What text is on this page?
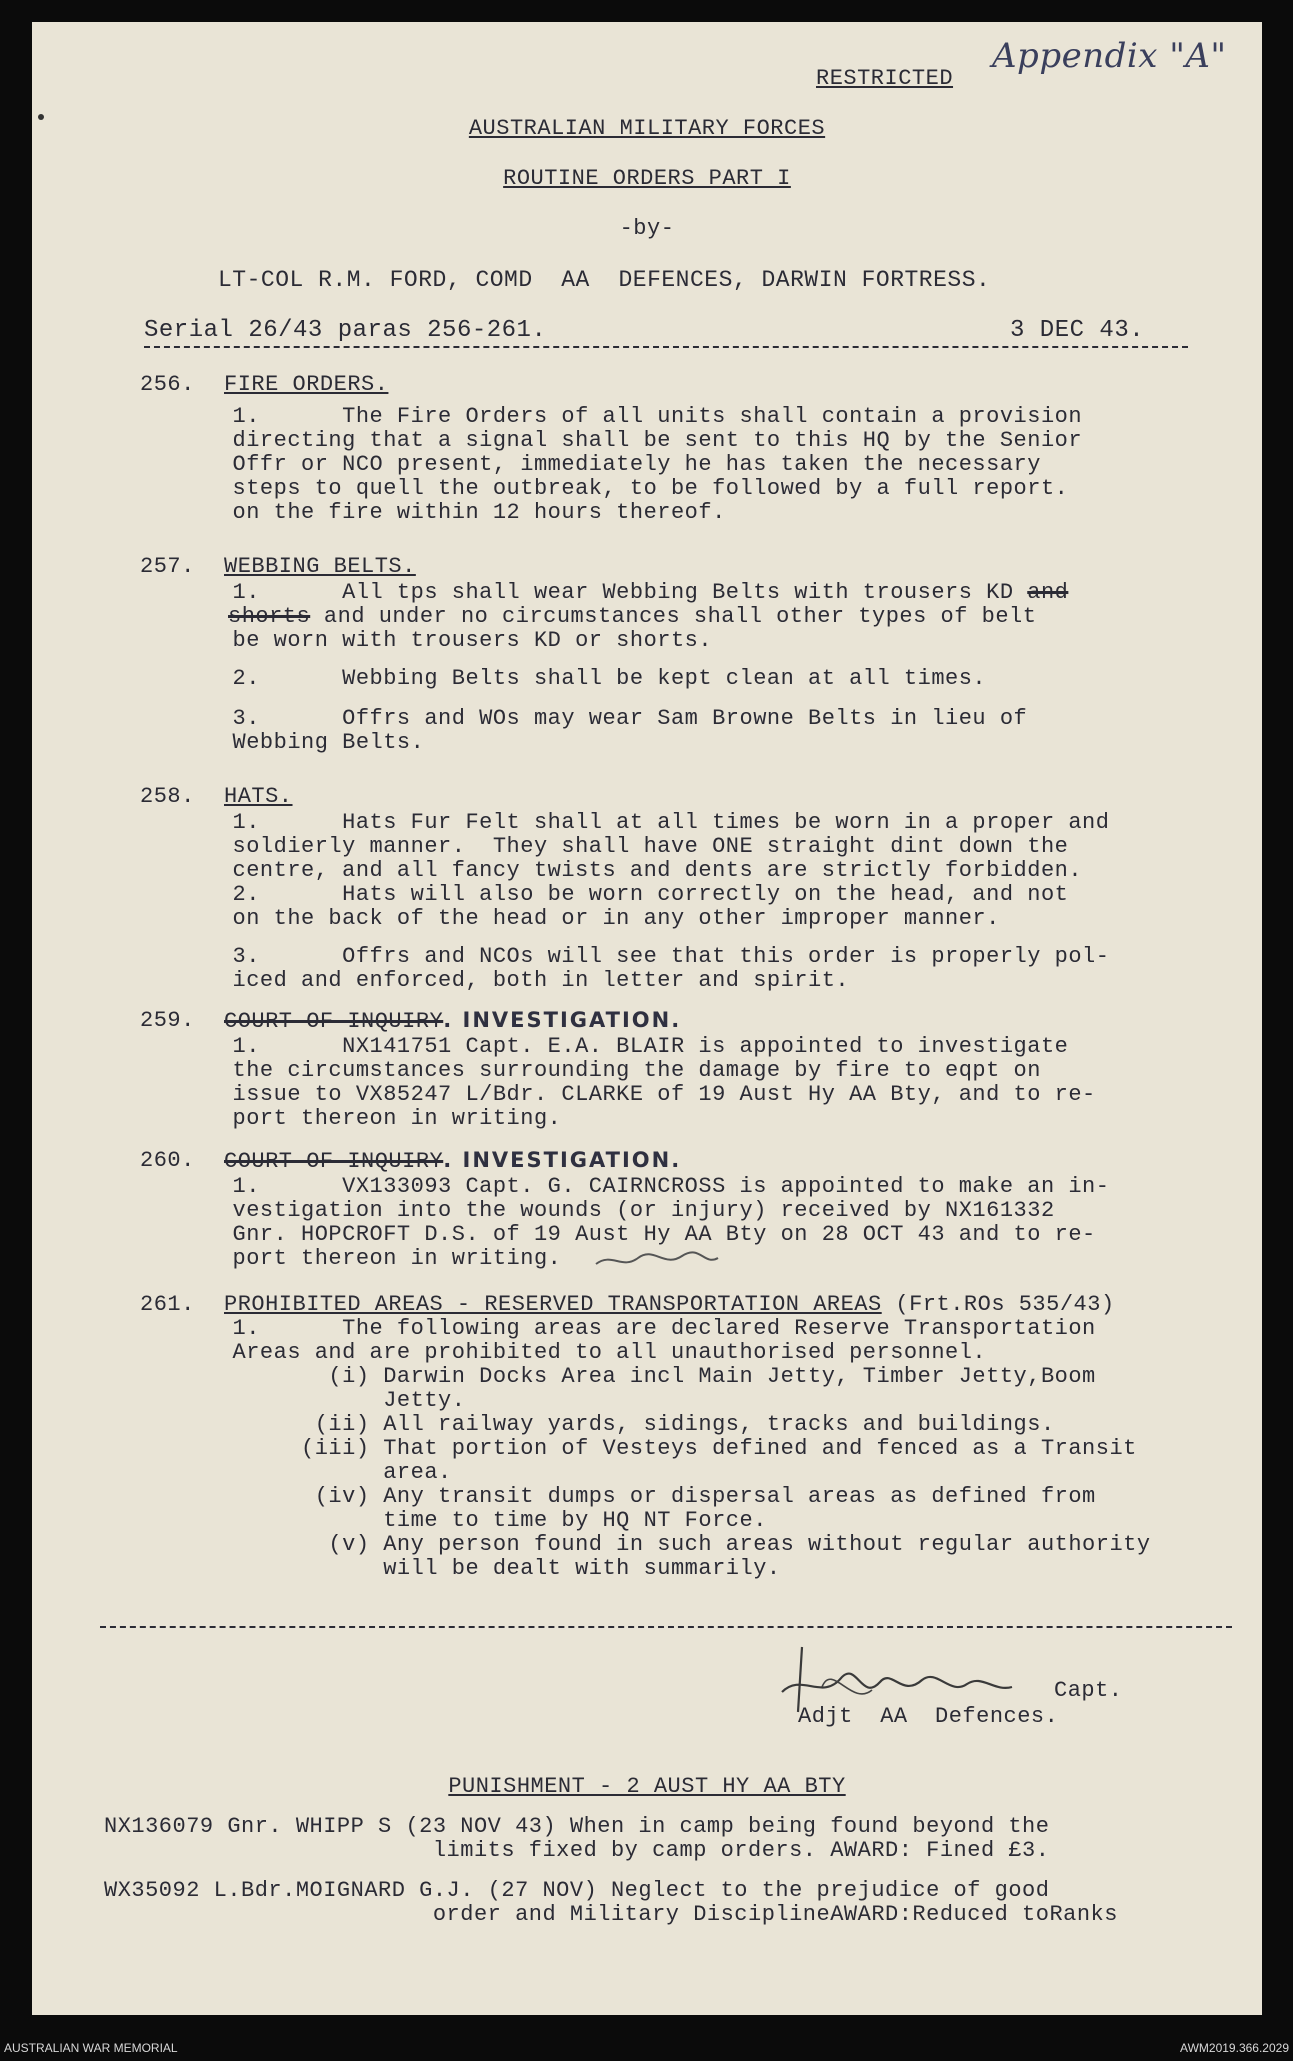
RESTRICTED
Appendix "A"
AUSTRALIAN MILITARY FORCES
ROUTINE ORDERS PART I
-by-
LT-COL R.M. FORD, COMD  AA  DEFENCES, DARWIN FORTRESS.
Serial 26/43 paras 256-261.	3 DEC 43.
256. FIRE ORDERS.
1.      The Fire Orders of all units shall contain a provision
directing that a signal shall be sent to this HQ by the Senior
Offr or NCO present, immediately he has taken the necessary
steps to quell the outbreak, to be followed by a full report.
on the fire within 12 hours thereof.
257. WEBBING BELTS.
1.      All tps shall wear Webbing Belts with trousers KD and
shorts and under no circumstances shall other types of belt
be worn with trousers KD or shorts.
2.      Webbing Belts shall be kept clean at all times.
3.      Offrs and WOs may wear Sam Browne Belts in lieu of
Webbing Belts.
258. HATS.
1.      Hats Fur Felt shall at all times be worn in a proper and
soldierly manner.  They shall have ONE straight dint down the
centre, and all fancy twists and dents are strictly forbidden.
2.      Hats will also be worn correctly on the head, and not
on the back of the head or in any other improper manner.
3.      Offrs and NCOs will see that this order is properly pol-
iced and enforced, both in letter and spirit.
259. COURT OF INQUIRY. INVESTIGATION.
1.      NX141751 Capt. E.A. BLAIR is appointed to investigate
the circumstances surrounding the damage by fire to eqpt on
issue to VX85247 L/Bdr. CLARKE of 19 Aust Hy AA Bty, and to re-
port thereon in writing.
260. COURT OF INQUIRY. INVESTIGATION.
1.      VX133093 Capt. G. CAIRNCROSS is appointed to make an in-
vestigation into the wounds (or injury) received by NX161332
Gnr. HOPCROFT D.S. of 19 Aust Hy AA Bty on 28 OCT 43 and to re-
port thereon in writing.
261. PROHIBITED AREAS - RESERVED TRANSPORTATION AREAS (Frt.ROs 535/43)
1.      The following areas are declared Reserve Transportation
Areas and are prohibited to all unauthorised personnel.
(i) Darwin Docks Area incl Main Jetty, Timber Jetty,Boom
Jetty.
(ii) All railway yards, sidings, tracks and buildings.
(iii) That portion of Vesteys defined and fenced as a Transit
area.
(iv) Any transit dumps or dispersal areas as defined from
time to time by HQ NT Force.
(v) Any person found in such areas without regular authority
will be dealt with summarily.
Capt.
Adjt  AA  Defences.
PUNISHMENT - 2 AUST HY AA BTY
NX136079 Gnr. WHIPP S (23 NOV 43) When in camp being found beyond the
limits fixed by camp orders. AWARD: Fined £3.
WX35092 L.Bdr.MOIGNARD G.J. (27 NOV) Neglect to the prejudice of good
order and Military DisciplineAWARD:Reduced toRanks
AUSTRALIAN WAR MEMORIAL	AWM2019.366.2029
